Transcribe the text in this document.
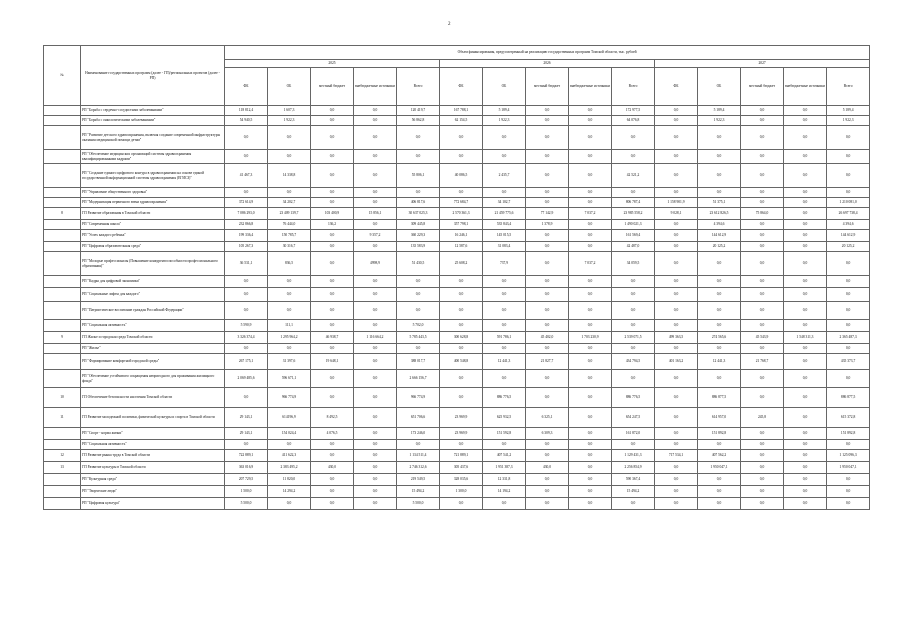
2
№	Наименование государственных программ (далее - ГП)/региональных проектов (далее - РП)	Объем финансирования, предусмотренный на реализацию государственных программ Томской области, тыс. рублей														
		2025					2026					2027				
		ФБ	ОБ	местный бюджет	внебюджетные источники	Всего	ФБ	ОБ	местный бюджет	внебюджетные источники	Всего	ФБ	ОБ	местный бюджет	внебюджетные источники	Всего
	РП "Борьба с сердечно-сосудистыми заболеваниями"	118 812,4	1 607,3	0,0	0,0	120 419,7	167 788,1	5 189,4	0,0	0,0	172 977,5	0,0	5 189,4	0,0	0,0	5 189,4
	РП "Борьба с онкологическими заболеваниями"	54 940,5	1 922,3	0,0	0,0	56 862,8	62 154,5	1 922,3	0,0	0,0	64 076,8	0,0	1 922,3	0,0	0,0	1 922,3
	РП "Развитие детского здравоохранения, включая создание современной инфраструктуры оказания медицинской помощи детям"	0,0	0,0	0,0	0,0	0,0	0,0	0,0	0,0	0,0	0,0	0,0	0,0	0,0	0,0	0,0
	РП "Обеспечение медицинских организаций системы здравоохранения квалифицированными кадрами"	0,0	0,0	0,0	0,0	0,0	0,0	0,0	0,0	0,0	0,0	0,0	0,0	0,0	0,0	0,0
	РП "Создание единого цифрового контура в здравоохранении на основе единой государственной информационной системы здравоохранения (ЕГИСЗ)"	41 467,3	14 338,8	0,0	0,0	55 806,1	40 086,5	2 435,7	0,0	0,0	42 521,2	0,0	0,0	0,0	0,0	0,0
	РП "Управление общественного здоровья"	0,0	0,0	0,0	0,0	0,0	0,0	0,0	0,0	0,0	0,0	0,0	0,0	0,0	0,0	0,0
	РП "Модернизация первичного звена здравоохранения"	372 614,9	34 202,7	0,0	0,0	406 817,6	772 684,7	34 102,7	0,0	0,0	806 787,4	1 158 901,9	51 375,1	0,0	0,0	1 210 081,0
8	ГП Развитие образования в Томской области	7 086 293,0	23 409 139,7	103 400,9	15 856,1	30 637 025,3	2 570 361,3	21 459 775,6	77 142,9	7 037,2	23 985 558,2	9 028,1	23 612 826,5	75 864,0	0,0	26 697 738,4
	РП "Современная школа"	232 866,8	76 444,0	136,2	0,0	309 445,8	357 798,1	535 843,4	1 378,9	0,0	1 490 021,3	0,0	4 394,6	0,0	0,0	4 394,6
	РП "Успех каждого ребенка"	199 336,4	150 785,7	0,0	9 357,2	360 229,3	16 246,1	145 015,5	0,0	0,0	161 569,4	0,0	144 612,9	0,0	0,0	144 612,9
	РП "Цифровая образовательная среда"	105 267,3	30 316,7	0,0	0,0	135 583,9	12 587,6	31 083,4	0,0	0,0	42 487,0	0,0	20 125,2	0,0	0,0	20 125,2
	РП "Молодые профессионалы (Повышение конкурентоспособности профессионального образования)"	36 531,1	836,5	0,0	4998,9	51 430,5	25 608,2	737,9	0,0	7 037,2	34 059,5	0,0	0,0	0,0	0,0	0,0
	РП "Кадры для цифровой экономики"	0,0	0,0	0,0	0,0	0,0	0,0	0,0	0,0	0,0	0,0	0,0	0,0	0,0	0,0	0,0
	РП "Социальные лифты для каждого"	0,0	0,0	0,0	0,0	0,0	0,0	0,0	0,0	0,0	0,0	0,0	0,0	0,0	0,0	0,0
	РП "Патриотическое воспитание граждан Российской Федерации"	0,0	0,0	0,0	0,0	0,0	0,0	0,0	0,0	0,0	0,0	0,0	0,0	0,0	0,0	0,0
	РП "Социальная активность"	5 590,9	111,1	0,0	0,0	5 702,0	0,0	0,0	0,0	0,0	0,0	0,0	0,0	0,0	0,0	0,0
9	ГП Жилье и городская среда Томской области	3 326 374,4	1 295 964,2	46 938,7	1 116 664,2	5 785 443,5	300 628,8	591 786,1	45 402,0	1 703 230,9	2 539 071,5	499 363,5	274 565,6	45 543,9	1 548 311,3	2 365 487,3
	РП "Жилье"	0,0	0,0	0,0	0,0	0,0	0,0	0,0	0,0	0,0	0,0	0,0	0,0	0,0	0,0	0,0
	РП "Формирование комфортной городской среды"	267 175,1	31 397,6	19 648,1	0,0	388 017,7	400 548,8	12 441,3	21 827,7	0,0	434 794,5	401 163,2	12 441,3	21 768,7	0,0	435 373,7
	РП "Обеспечение устойчивого сокращения непригодного для проживания жилищного фонда"	2 069 485,6	596 671,1	0,0	0,0	2 666 156,7	0,0	0,0	0,0	0,0	0,0	0,0	0,0	0,0	0,0	0,0
10	ГП Обеспечение безопасности населения Томской области	0,0	966 774,9	0,0	0,0	966 774,9	0,0	886 776,5	0,0	0,0	886 776,5	0,0	886 877,5	0,0	0,0	886 877,5
11	ГП Развитие молодежной политики, физической культуры и спорта в Томской области	29 143,1	614196,9	8 492,5	0,0	651 706,6	23 969,9	625 932,5	6 325,1	0,0	654 247,5	0,0	614 957,0	245,8	0,0	615 372,8
	РП "Спорт - норма жизни"	29 143,1	154 024,4	4 076,5	0,0	173 246,0	23 969,9	151 592,8	6 309,3	0,0	161 872,0	0,0	151 892,8	0,0	0,0	151 892,8
	РП "Социальная активность"	0,0	0,0	0,0	0,0	0,0	0,0	0,0	0,0	0,0	0,0	0,0	0,0	0,0	0,0	0,0
12	ГП Развитие рынка труда в Томской области	722 889,1	411 622,3	0,0	0,0	1 134 511,4	721 889,1	407 541,2	0,0	0,0	1 129 431,3	717 534,1	407 562,2	0,0	0,0	1 125 096,3
13	ГП Развитие культуры в Томской области	363 016,9	2 383 495,2	430,0	0,0	2 746 312,6	305 437,6	1 951 387,3	430,0	0,0	2 256 854,9	0,0	1 950 047,1	0,0	0,0	1 950 047,1
	РП "Культурная среда"	207 729,5	11 820,0	0,0	0,0	219 549,5	328 035,6	12 331,8	0,0	0,0	590 367,4	0,0	0,0	0,0	0,0	0,0
	РП "Творческие люди"	1 500,0	14 294,2	0,0	0,0	15 494,2	1 300,0	14 194,2	0,0	0,0	15 494,2	0,0	0,0	0,0	0,0	0,0
	РП "Цифровая культура"	5 500,0	0,0	0,0	0,0	5 500,0	0,0	0,0	0,0	0,0	0,0	0,0	0,0	0,0	0,0	0,0
